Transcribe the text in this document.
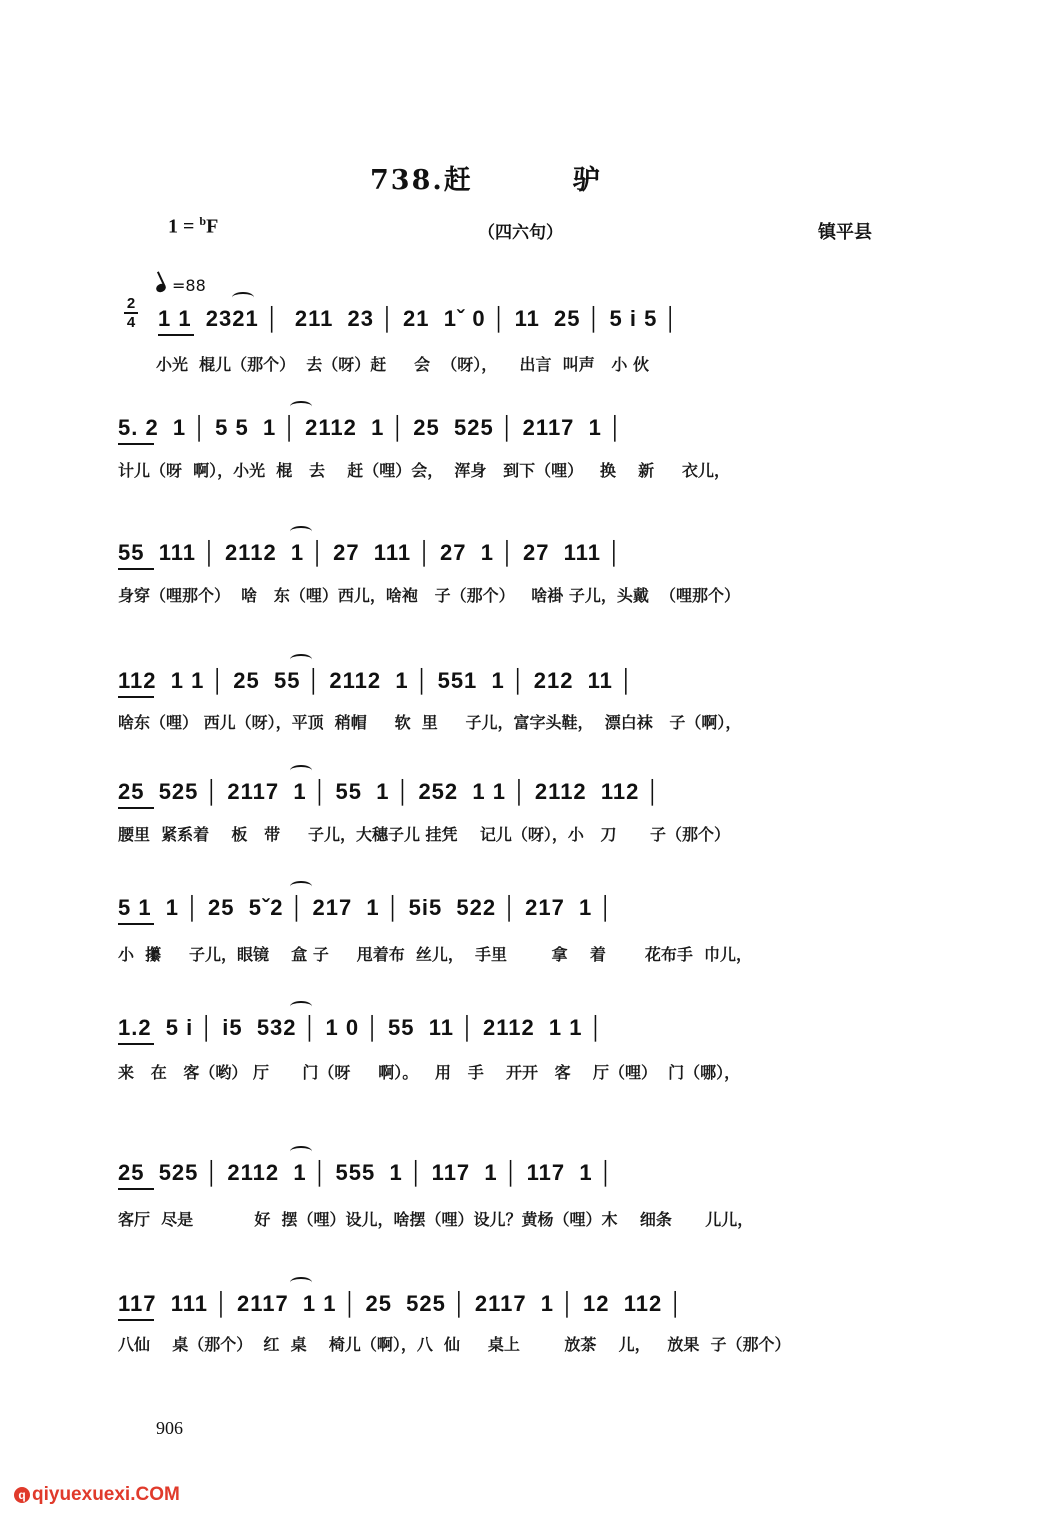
738.赶	驴
1 = $^b$F	（四六句）	镇平县
=88
2
4 1 1  2321 │  211  23 │ 21  1ˇ 0 │ 11  25 │ 5 i 5 │
小光  棍儿（那个）  去（呀）赶     会  （呀），    出言  叫声   小 伙
5. 2  1 │ 5 5  1 │ 2112  1 │ 25  525 │ 2117  1 │
计儿（呀  啊），小光  棍   去    赶（哩）会，  浑身   到下（哩）   换    新     衣儿，
55  111 │ 2112  1 │ 27  111 │ 27  1 │ 27  111 │
身穿（哩那个）  啥   东（哩）西儿，啥袍   子（那个）   啥褂 子儿，头戴  （哩那个）
112  1 1 │ 25  55 │ 2112  1 │ 551  1 │ 212  11 │
啥东（哩） 西儿（呀），平顶  稍帽     软  里     子儿，富字头鞋，  漂白袜   子（啊），
25  525 │ 2117  1 │ 55  1 │ 252  1 1 │ 2112  112 │
腰里  紧系着    板   带     子儿，大穗子儿 挂凭    记儿（呀），小   刀      子（那个）
5 1  1 │ 25  5ˇ2 │ 217  1 │ 5i5  522 │ 217  1 │
小  攥     子儿，眼镜    盒 子     甩着布  丝儿，  手里        拿    着       花布手  巾儿，
1.2  5 i │ i5  532 │ 1 0 │ 55  11 │ 2112  1 1 │
来   在   客（哟） 厅      门（呀     啊）。   用   手    开开   客    厅（哩）  门（哪），
25  525 │ 2112  1 │ 555  1 │ 117  1 │ 117  1 │
客厅  尽是           好  摆（哩）设儿，啥摆（哩）设儿？黄杨（哩）木    细条      儿儿，
117  111 │ 2117  1 1 │ 25  525 │ 2117  1 │ 12  112 │
八仙    桌（那个）  红  桌    椅儿（啊），八  仙     桌上        放茶    儿，   放果  子（那个）
906
q qiyuexuexi.COM
